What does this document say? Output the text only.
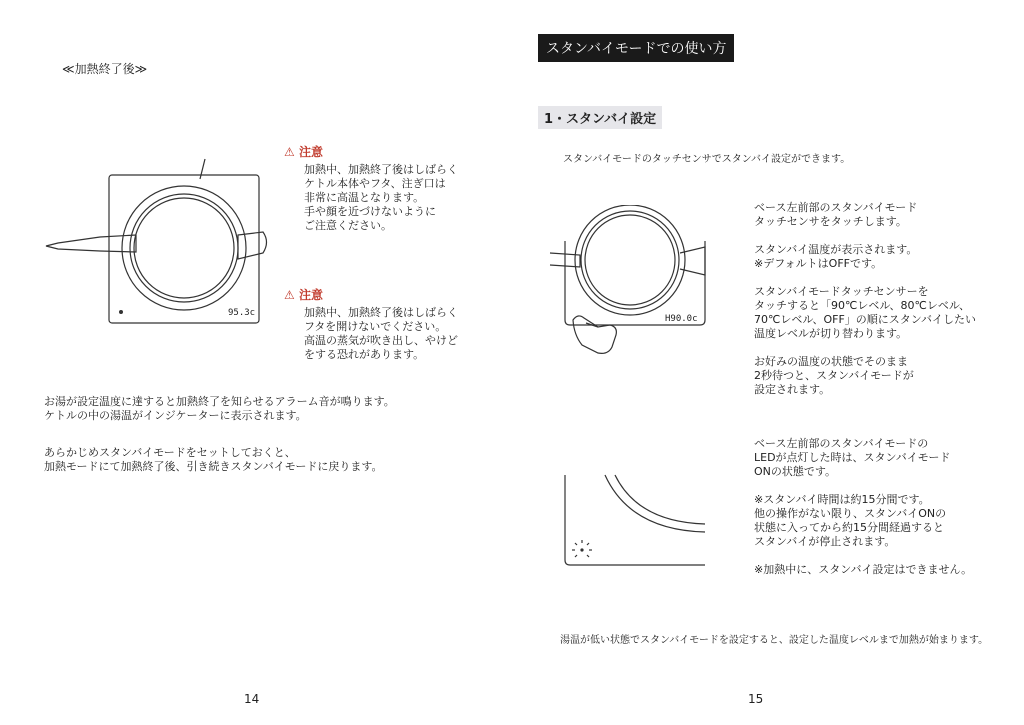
≪加熱終了後≫
95.3c
⚠ 注意
加熱中、加熱終了後はしばらく
ケトル本体やフタ、注ぎ口は
非常に高温となります。
手や顔を近づけないように
ご注意ください。
⚠ 注意
加熱中、加熱終了後はしばらく
フタを開けないでください。
高温の蒸気が吹き出し、やけど
をする恐れがあります。
お湯が設定温度に達すると加熱終了を知らせるアラーム音が鳴ります。
ケトルの中の湯温がインジケーターに表示されます。
あらかじめスタンバイモードをセットしておくと、
加熱モードにて加熱終了後、引き続きスタンバイモードに戻ります。
14
スタンバイモードでの使い方
1・スタンバイ設定
スタンバイモードのタッチセンサでスタンバイ設定ができます。
H90.0c
ベース左前部のスタンバイモード
タッチセンサをタッチします。
スタンバイ温度が表示されます。
※デフォルトはOFFです。
スタンバイモードタッチセンサーを
タッチすると「90℃レベル、80℃レベル、
70℃レベル、OFF」の順にスタンバイしたい
温度レベルが切り替わります。
お好みの温度の状態でそのまま
2秒待つと、スタンバイモードが
設定されます。
ベース左前部のスタンバイモードの
LEDが点灯した時は、スタンバイモード
ONの状態です。
※スタンバイ時間は約15分間です。
他の操作がない限り、スタンバイONの
状態に入ってから約15分間経過すると
スタンバイが停止されます。
※加熱中に、スタンバイ設定はできません。
湯温が低い状態でスタンバイモードを設定すると、設定した温度レベルまで加熱が始まります。
15
